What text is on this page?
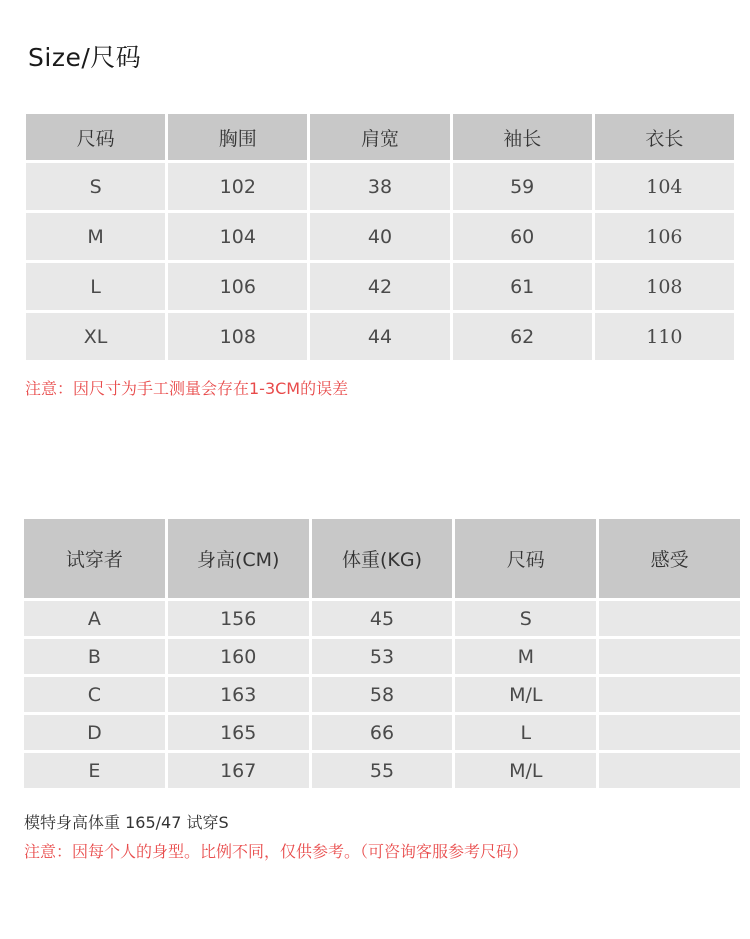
Size/尺码
尺码	胸围	肩宽	袖长	衣长
S	102	38	59	104
M	104	40	60	106
L	106	42	61	108
XL	108	44	62	110
注意：因尺寸为手工测量会存在1-3CM的误差
试穿者	身高(CM)	体重(KG)	尺码	感受
A	156	45	S
B	160	53	M
C	163	58	M/L
D	165	66	L
E	167	55	M/L
模特身高体重 165/47 试穿S
注意：因每个人的身型。比例不同，仅供参考。（可咨询客服参考尺码）
